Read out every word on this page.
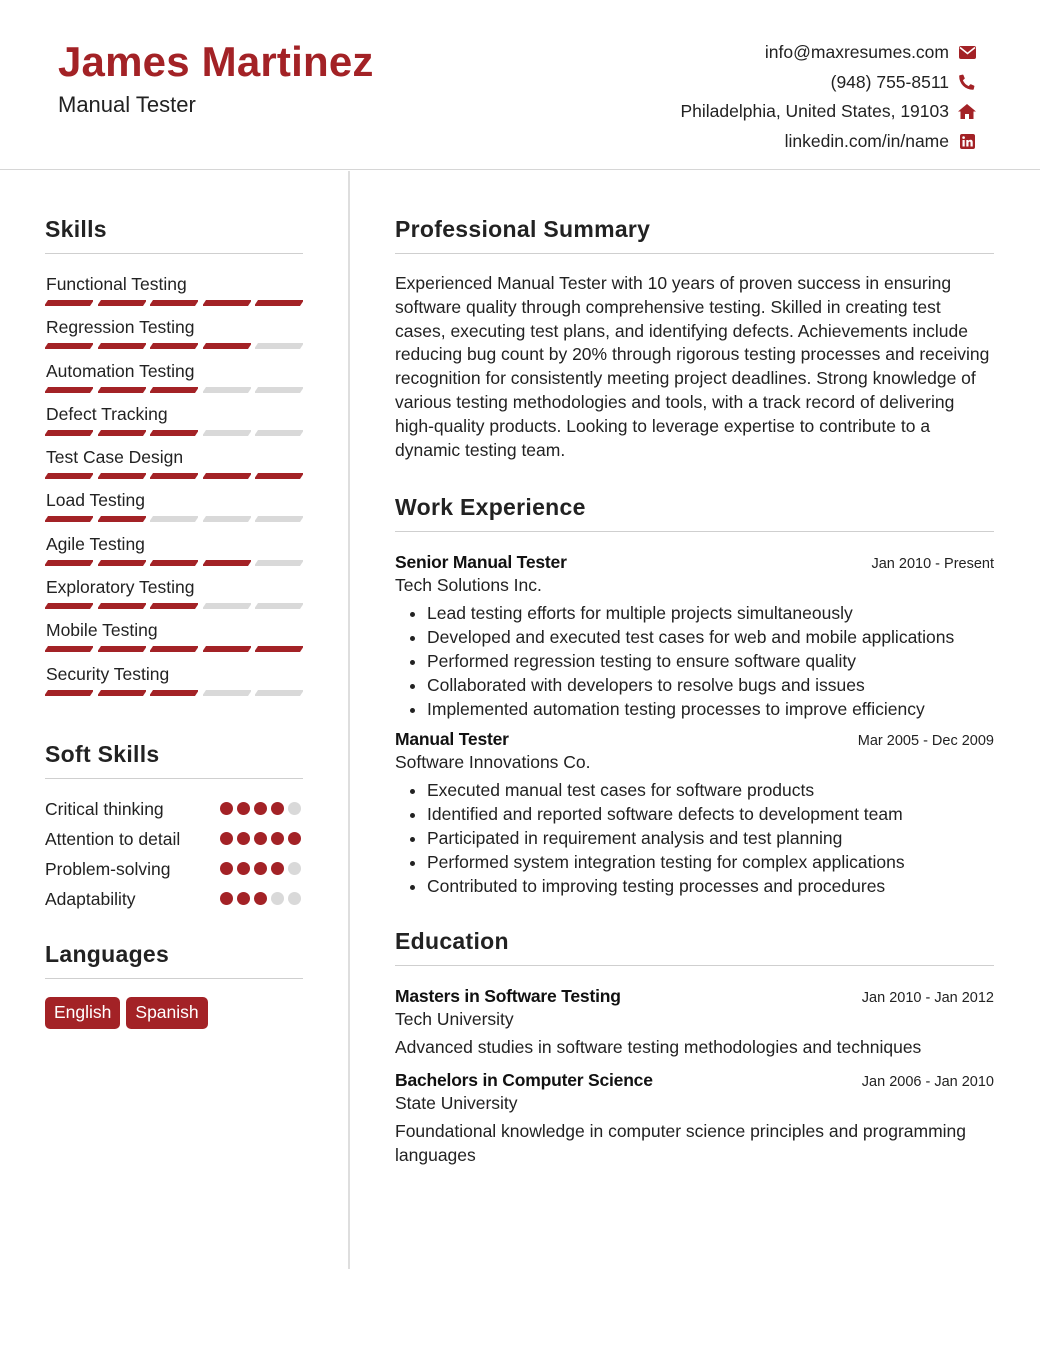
James Martinez
Manual Tester
info@maxresumes.com
(948) 755-8511
Philadelphia, United States, 19103
linkedin.com/in/name
Skills
Functional Testing
Regression Testing
Automation Testing
Defect Tracking
Test Case Design
Load Testing
Agile Testing
Exploratory Testing
Mobile Testing
Security Testing
Soft Skills
Critical thinking
Attention to detail
Problem-solving
Adaptability
Languages
English	Spanish
Professional Summary
Experienced Manual Tester with 10 years of proven success in ensuring software quality through comprehensive testing. Skilled in creating test cases, executing test plans, and identifying defects. Achievements include reducing bug count by 20% through rigorous testing processes and receiving recognition for consistently meeting project deadlines. Strong knowledge of various testing methodologies and tools, with a track record of delivering high-quality products. Looking to leverage expertise to contribute to a dynamic testing team.
Work Experience
Senior Manual Tester	Jan 2010 - Present
Tech Solutions Inc.
• Lead testing efforts for multiple projects simultaneously
• Developed and executed test cases for web and mobile applications
• Performed regression testing to ensure software quality
• Collaborated with developers to resolve bugs and issues
• Implemented automation testing processes to improve efficiency
Manual Tester	Mar 2005 - Dec 2009
Software Innovations Co.
• Executed manual test cases for software products
• Identified and reported software defects to development team
• Participated in requirement analysis and test planning
• Performed system integration testing for complex applications
• Contributed to improving testing processes and procedures
Education
Masters in Software Testing	Jan 2010 - Jan 2012
Tech University
Advanced studies in software testing methodologies and techniques
Bachelors in Computer Science	Jan 2006 - Jan 2010
State University
Foundational knowledge in computer science principles and programming languages
